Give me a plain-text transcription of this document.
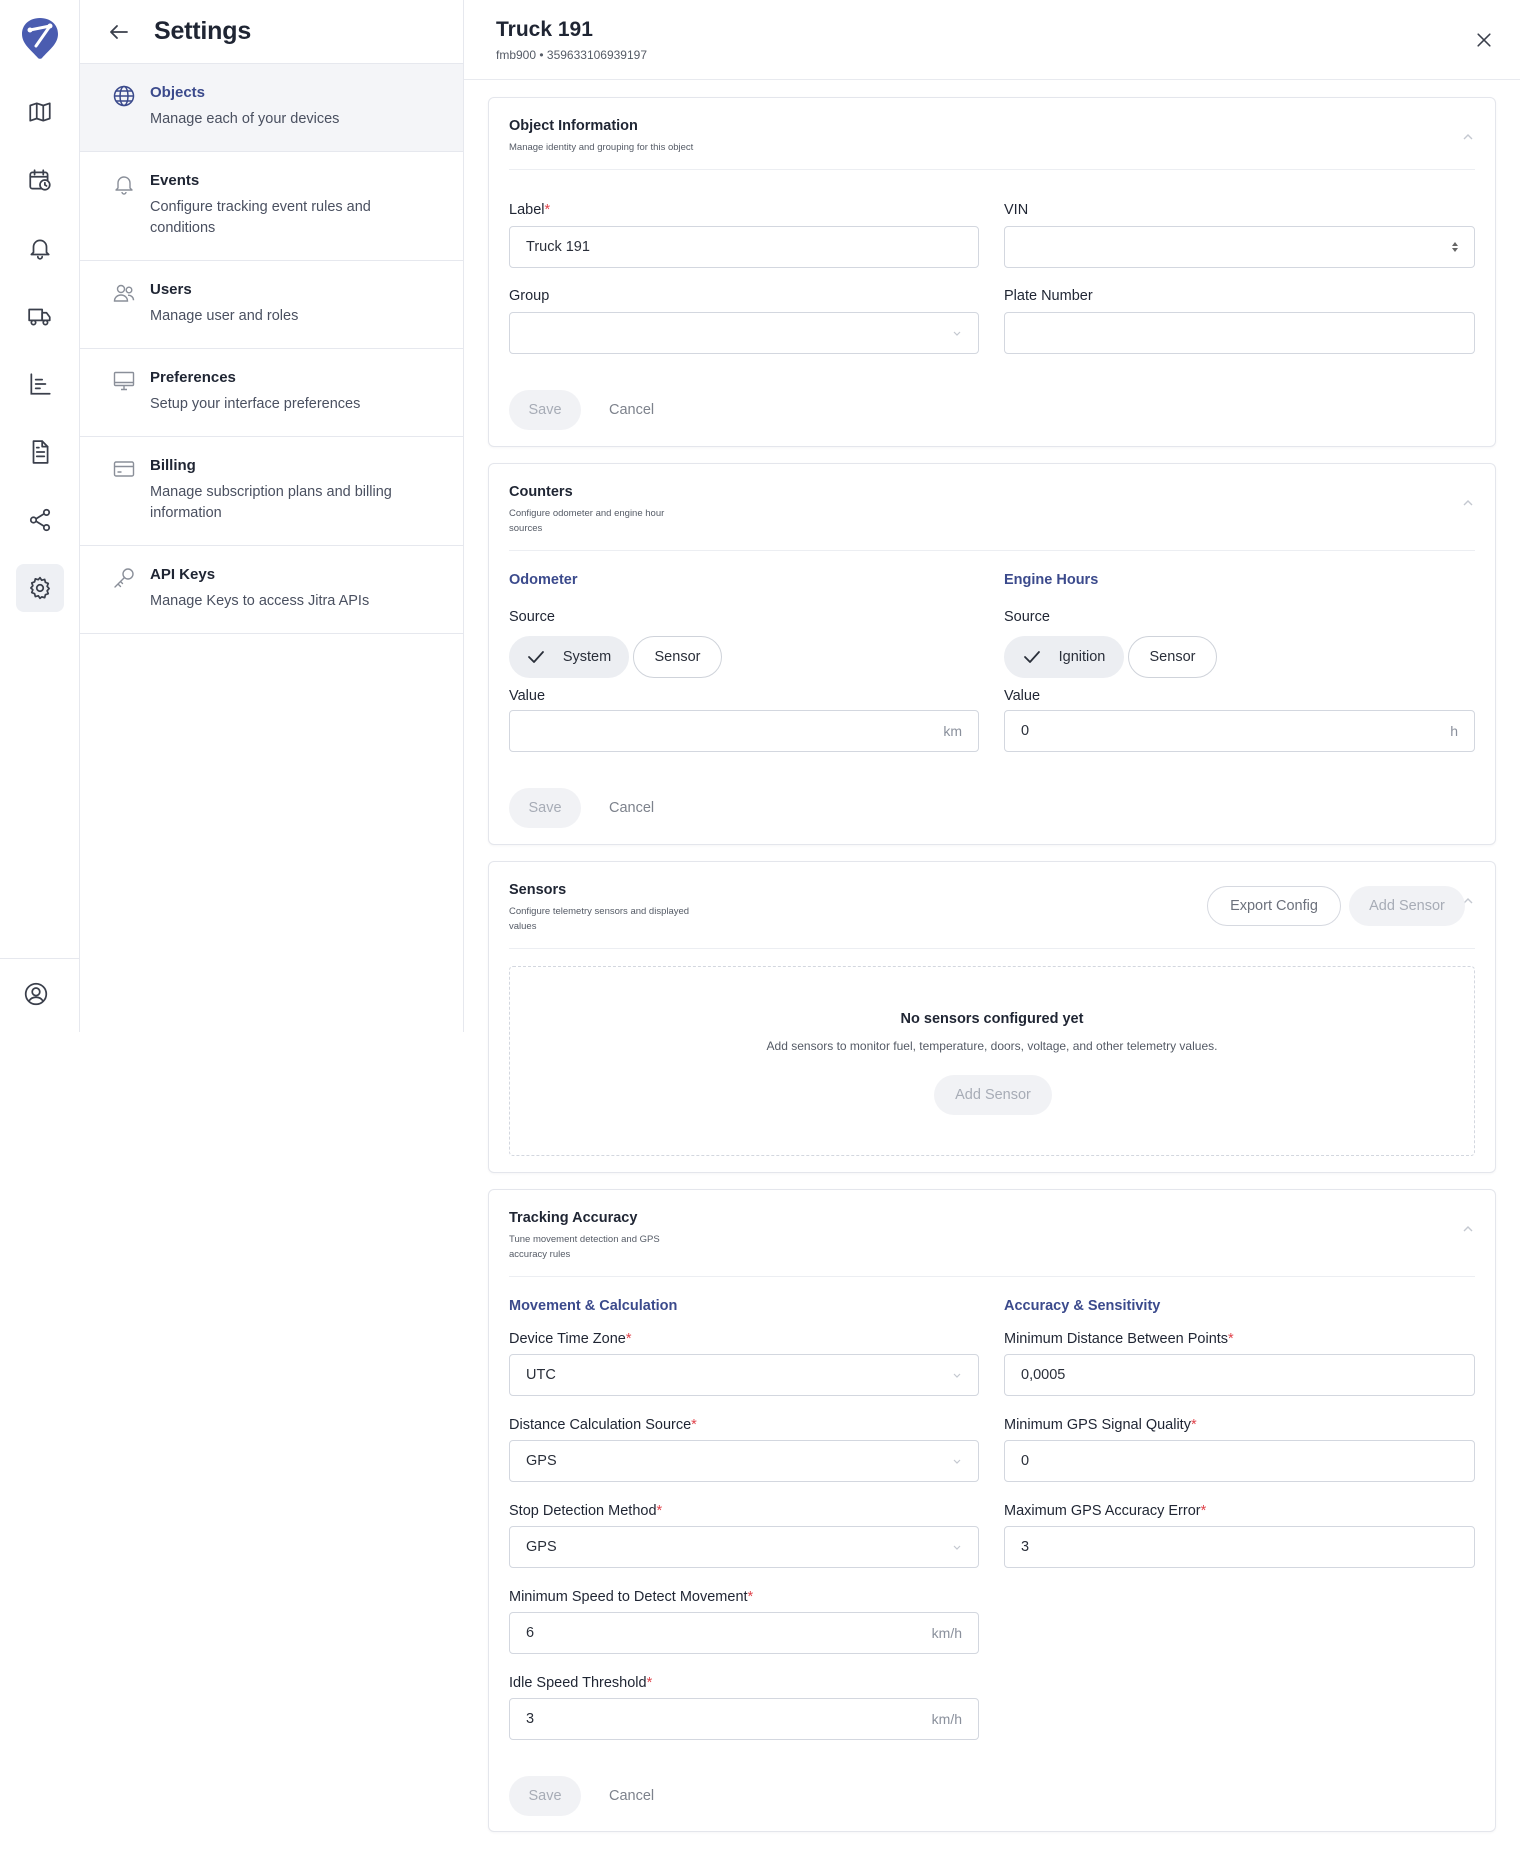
Settings
Objects
Manage each of your devices
Events
Configure tracking event rules and conditions
Users
Manage user and roles
Preferences
Setup your interface preferences
Billing
Manage subscription plans and billing information
API Keys
Manage Keys to access Jitra APIs
Truck 191
fmb900 • 359633106939197
Object Information
Manage identity and grouping for this object
Label*
Truck 191
VIN
Group	Plate Number
Save	Cancel
Counters
Configure odometer and engine hour sources
Odometer
Source
System	Sensor
Value
km
Engine Hours
Source
Ignition	Sensor
Value
0	h
Save	Cancel
Sensors
Configure telemetry sensors and displayed values
Export Config	Add Sensor
No sensors configured yet
Add sensors to monitor fuel, temperature, doors, voltage, and other telemetry values.
Add Sensor
Tracking Accuracy
Tune movement detection and GPS accuracy rules
Movement & Calculation	Accuracy & Sensitivity
Device Time Zone*
UTC
Distance Calculation Source*
GPS
Stop Detection Method*
GPS
Minimum Speed to Detect Movement*
6	km/h
Idle Speed Threshold*
3	km/h
Minimum Distance Between Points*
0,0005
Minimum GPS Signal Quality*
0
Maximum GPS Accuracy Error*
3
Save	Cancel
